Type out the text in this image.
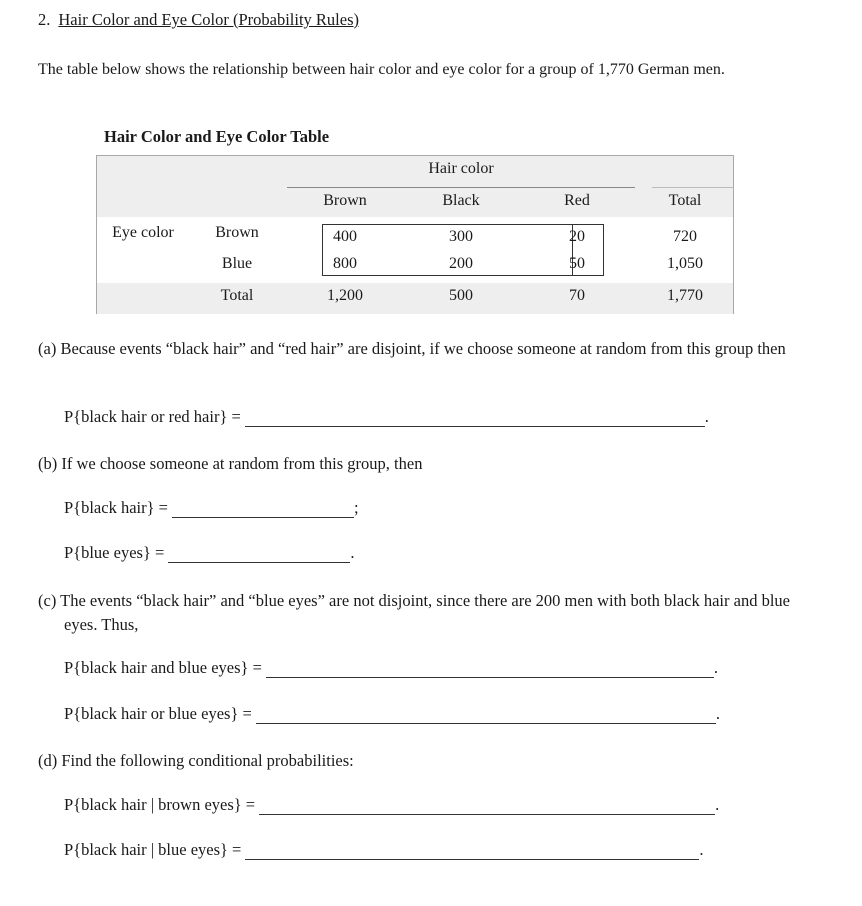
2. Hair Color and Eye Color (Probability Rules)
The table below shows the relationship between hair color and eye color for a group of 1,770 German men.
Hair Color and Eye Color Table
Hair color
Brown	Black	Red	Total
Eye color	Brown	400	300	20	720
Blue	800	200	50	1,050
Total	1,200	500	70	1,770
(a) Because events “black hair” and “red hair” are disjoint, if we choose someone at random from this group then
P{black hair or red hair} =	.
(b) If we choose someone at random from this group, then
P{black hair} =	;
P{blue eyes} =	.
(c) The events “black hair” and “blue eyes” are not disjoint, since there are 200 men with both black hair and blue eyes. Thus,
P{black hair and blue eyes} =	.
P{black hair or blue eyes} =	.
(d) Find the following conditional probabilities:
P{black hair | brown eyes} =	.
P{black hair | blue eyes} =	.
